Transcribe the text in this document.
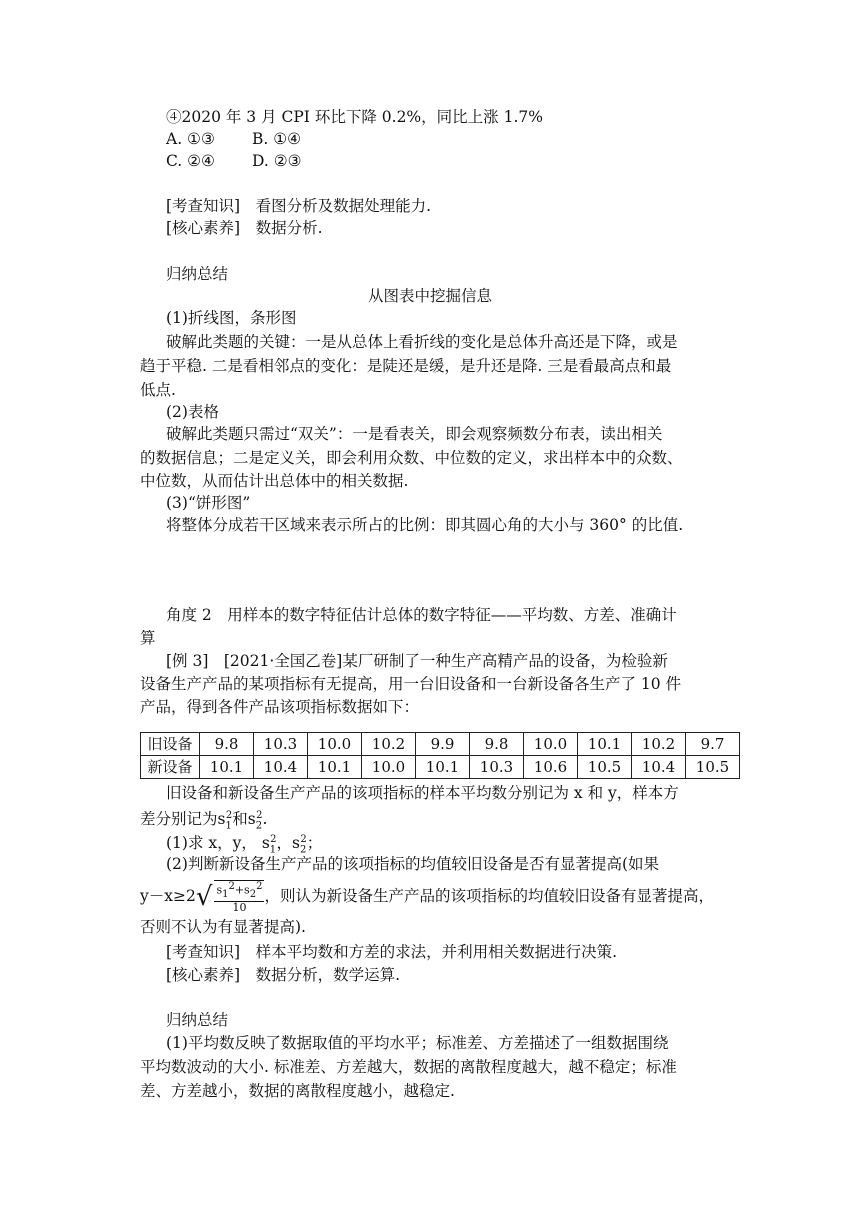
④2020 年 3 月 CPI 环比下降 0.2%，同比上涨 1.7%
A. ①③ B. ①④
C. ②④ D. ②③
[考查知识]　看图分析及数据处理能力.
[核心素养]　数据分析.
归纳总结
从图表中挖掘信息
(1)折线图，条形图
破解此类题的关键：一是从总体上看折线的变化是总体升高还是下降，或是
趋于平稳. 二是看相邻点的变化：是陡还是缓，是升还是降. 三是看最高点和最
低点.
(2)表格
破解此类题只需过“双关”：一是看表关，即会观察频数分布表，读出相关
的数据信息；二是定义关，即会利用众数、中位数的定义，求出样本中的众数、
中位数，从而估计出总体中的相关数据.
(3)“饼形图”
将整体分成若干区域来表示所占的比例：即其圆心角的大小与 360° 的比值.
角度 2　用样本的数字特征估计总体的数字特征——平均数、方差、准确计
算
[例 3]　[2021·全国乙卷]某厂研制了一种生产高精产品的设备，为检验新
设备生产产品的某项指标有无提高，用一台旧设备和一台新设备各生产了 10 件
产品，得到各件产品该项指标数据如下：
旧设备	9.8	10.3	10.0	10.2	9.9	9.8	10.0	10.1	10.2	9.7
新设备	10.1	10.4	10.1	10.0	10.1	10.3	10.6	10.5	10.4	10.5
旧设备和新设备生产产品的该项指标的样本平均数分别记为 x 和 y，样本方
差分别记为$s_1^2$和$s_2^2$.
(1)求 x，y， $s_1^2$，$s_2^2$；
(2)判断新设备生产产品的该项指标的均值较旧设备是否有显著提高(如果
$y-x\ge 2√ \frac{s_1^2+s_2^2}{10}$ ，则认为新设备生产产品的该项指标的均值较旧设备有显著提高，
否则不认为有显著提高).
[考查知识]　样本平均数和方差的求法，并利用相关数据进行决策.
[核心素养]　数据分析，数学运算.
归纳总结
(1)平均数反映了数据取值的平均水平；标准差、方差描述了一组数据围绕
平均数波动的大小. 标准差、方差越大，数据的离散程度越大，越不稳定；标准
差、方差越小，数据的离散程度越小，越稳定.
